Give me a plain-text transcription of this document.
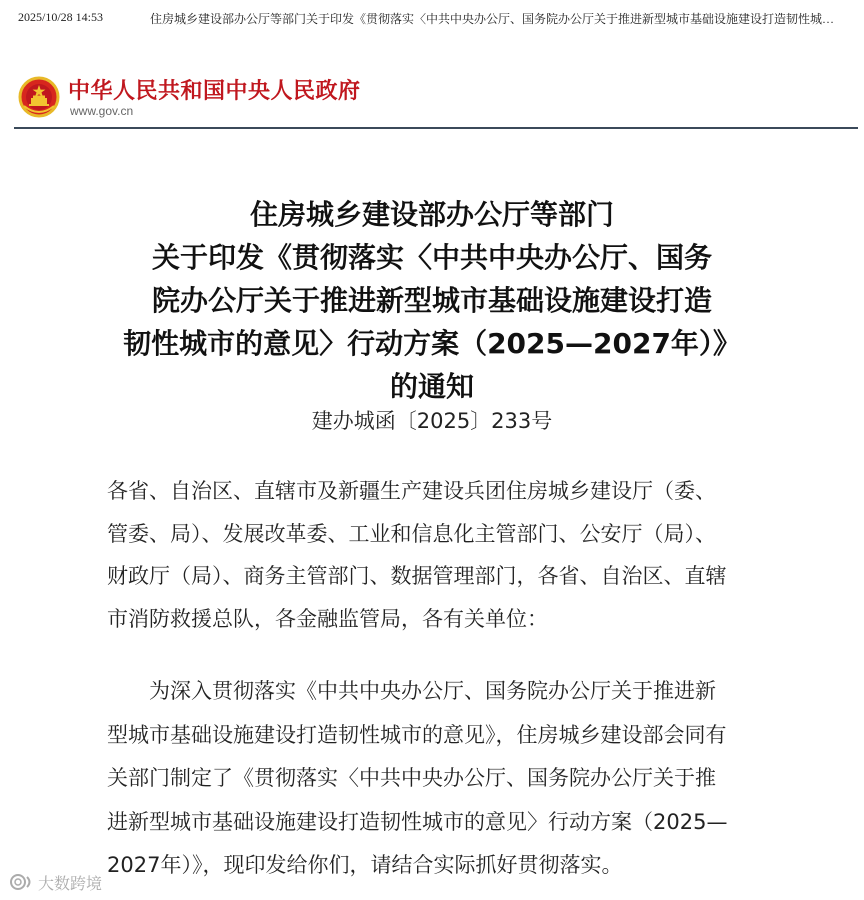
2025/10/28 14:53	住房城乡建设部办公厅等部门关于印发《贯彻落实〈中共中央办公厅、国务院办公厅关于推进新型城市基础设施建设打造韧性城…
中华人民共和国中央人民政府
www.gov.cn
住房城乡建设部办公厅等部门
关于印发《贯彻落实〈中共中央办公厅、国务
院办公厅关于推进新型城市基础设施建设打造
韧性城市的意见〉行动方案（2025—2027年）》
的通知
建办城函〔2025〕233号
各省、自治区、直辖市及新疆生产建设兵团住房城乡建设厅（委、
管委、局）、发展改革委、工业和信息化主管部门、公安厅（局）、
财政厅（局）、商务主管部门、数据管理部门，各省、自治区、直辖
市消防救援总队，各金融监管局，各有关单位：
　　为深入贯彻落实《中共中央办公厅、国务院办公厅关于推进新
型城市基础设施建设打造韧性城市的意见》，住房城乡建设部会同有
关部门制定了《贯彻落实〈中共中央办公厅、国务院办公厅关于推
进新型城市基础设施建设打造韧性城市的意见〉行动方案（2025—
2027年）》，现印发给你们，请结合实际抓好贯彻落实。
大数跨境
